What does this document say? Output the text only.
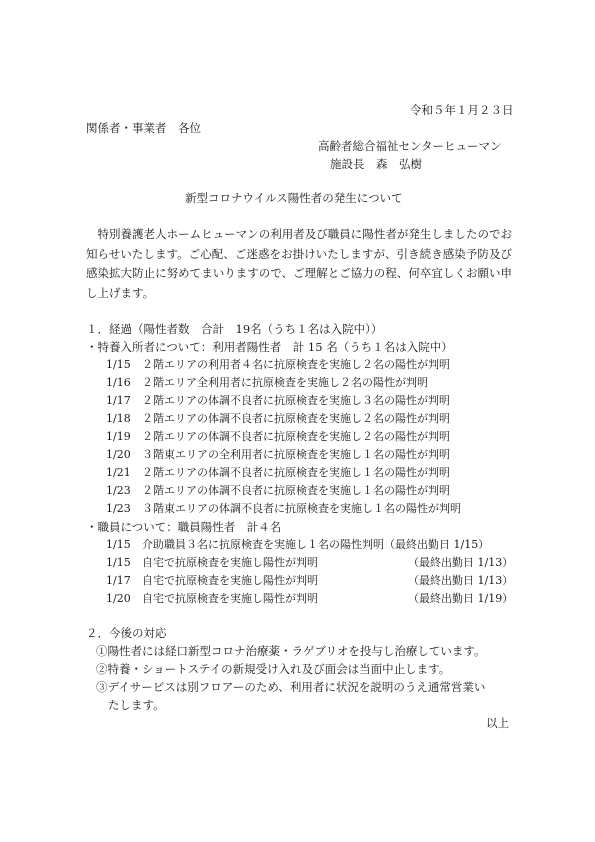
令和５年１月２３日
関係者・事業者　各位
高齢者総合福祉センターヒューマン
施設長　森　弘樹
新型コロナウイルス陽性者の発生について
特別養護老人ホームヒューマンの利用者及び職員に陽性者が発生しましたのでお知らせいたします。ご心配、ご迷惑をお掛けいたしますが、引き続き感染予防及び感染拡大防止に努めてまいりますので、ご理解とご協力の程、何卒宜しくお願い申し上げます。
１．経過（陽性者数　合計　19名（うち１名は入院中））
・特養入所者について：利用者陽性者　計 15 名（うち１名は入院中）
1/15 ２階エリアの利用者４名に抗原検査を実施し２名の陽性が判明
1/16 ２階エリア全利用者に抗原検査を実施し２名の陽性が判明
1/17 ２階エリアの体調不良者に抗原検査を実施し３名の陽性が判明
1/18 ２階エリアの体調不良者に抗原検査を実施し２名の陽性が判明
1/19 ２階エリアの体調不良者に抗原検査を実施し２名の陽性が判明
1/20 ３階東エリアの全利用者に抗原検査を実施し１名の陽性が判明
1/21 ２階エリアの体調不良者に抗原検査を実施し１名の陽性が判明
1/23 ２階エリアの体調不良者に抗原検査を実施し１名の陽性が判明
1/23 ３階東エリアの体調不良者に抗原検査を実施し１名の陽性が判明
・職員について：職員陽性者　計４名
1/15 介助職員３名に抗原検査を実施し１名の陽性判明（最終出勤日 1/15）
1/15 自宅で抗原検査を実施し陽性が判明	（最終出勤日 1/13）
1/17 自宅で抗原検査を実施し陽性が判明	（最終出勤日 1/13）
1/20 自宅で抗原検査を実施し陽性が判明	（最終出勤日 1/19）
２．今後の対応
①陽性者には経口新型コロナ治療薬・ラゲブリオを投与し治療しています。
②特養・ショートステイの新規受け入れ及び面会は当面中止します。
③デイサービスは別フロアーのため、利用者に状況を説明のうえ通常営業い
たします。
以上
